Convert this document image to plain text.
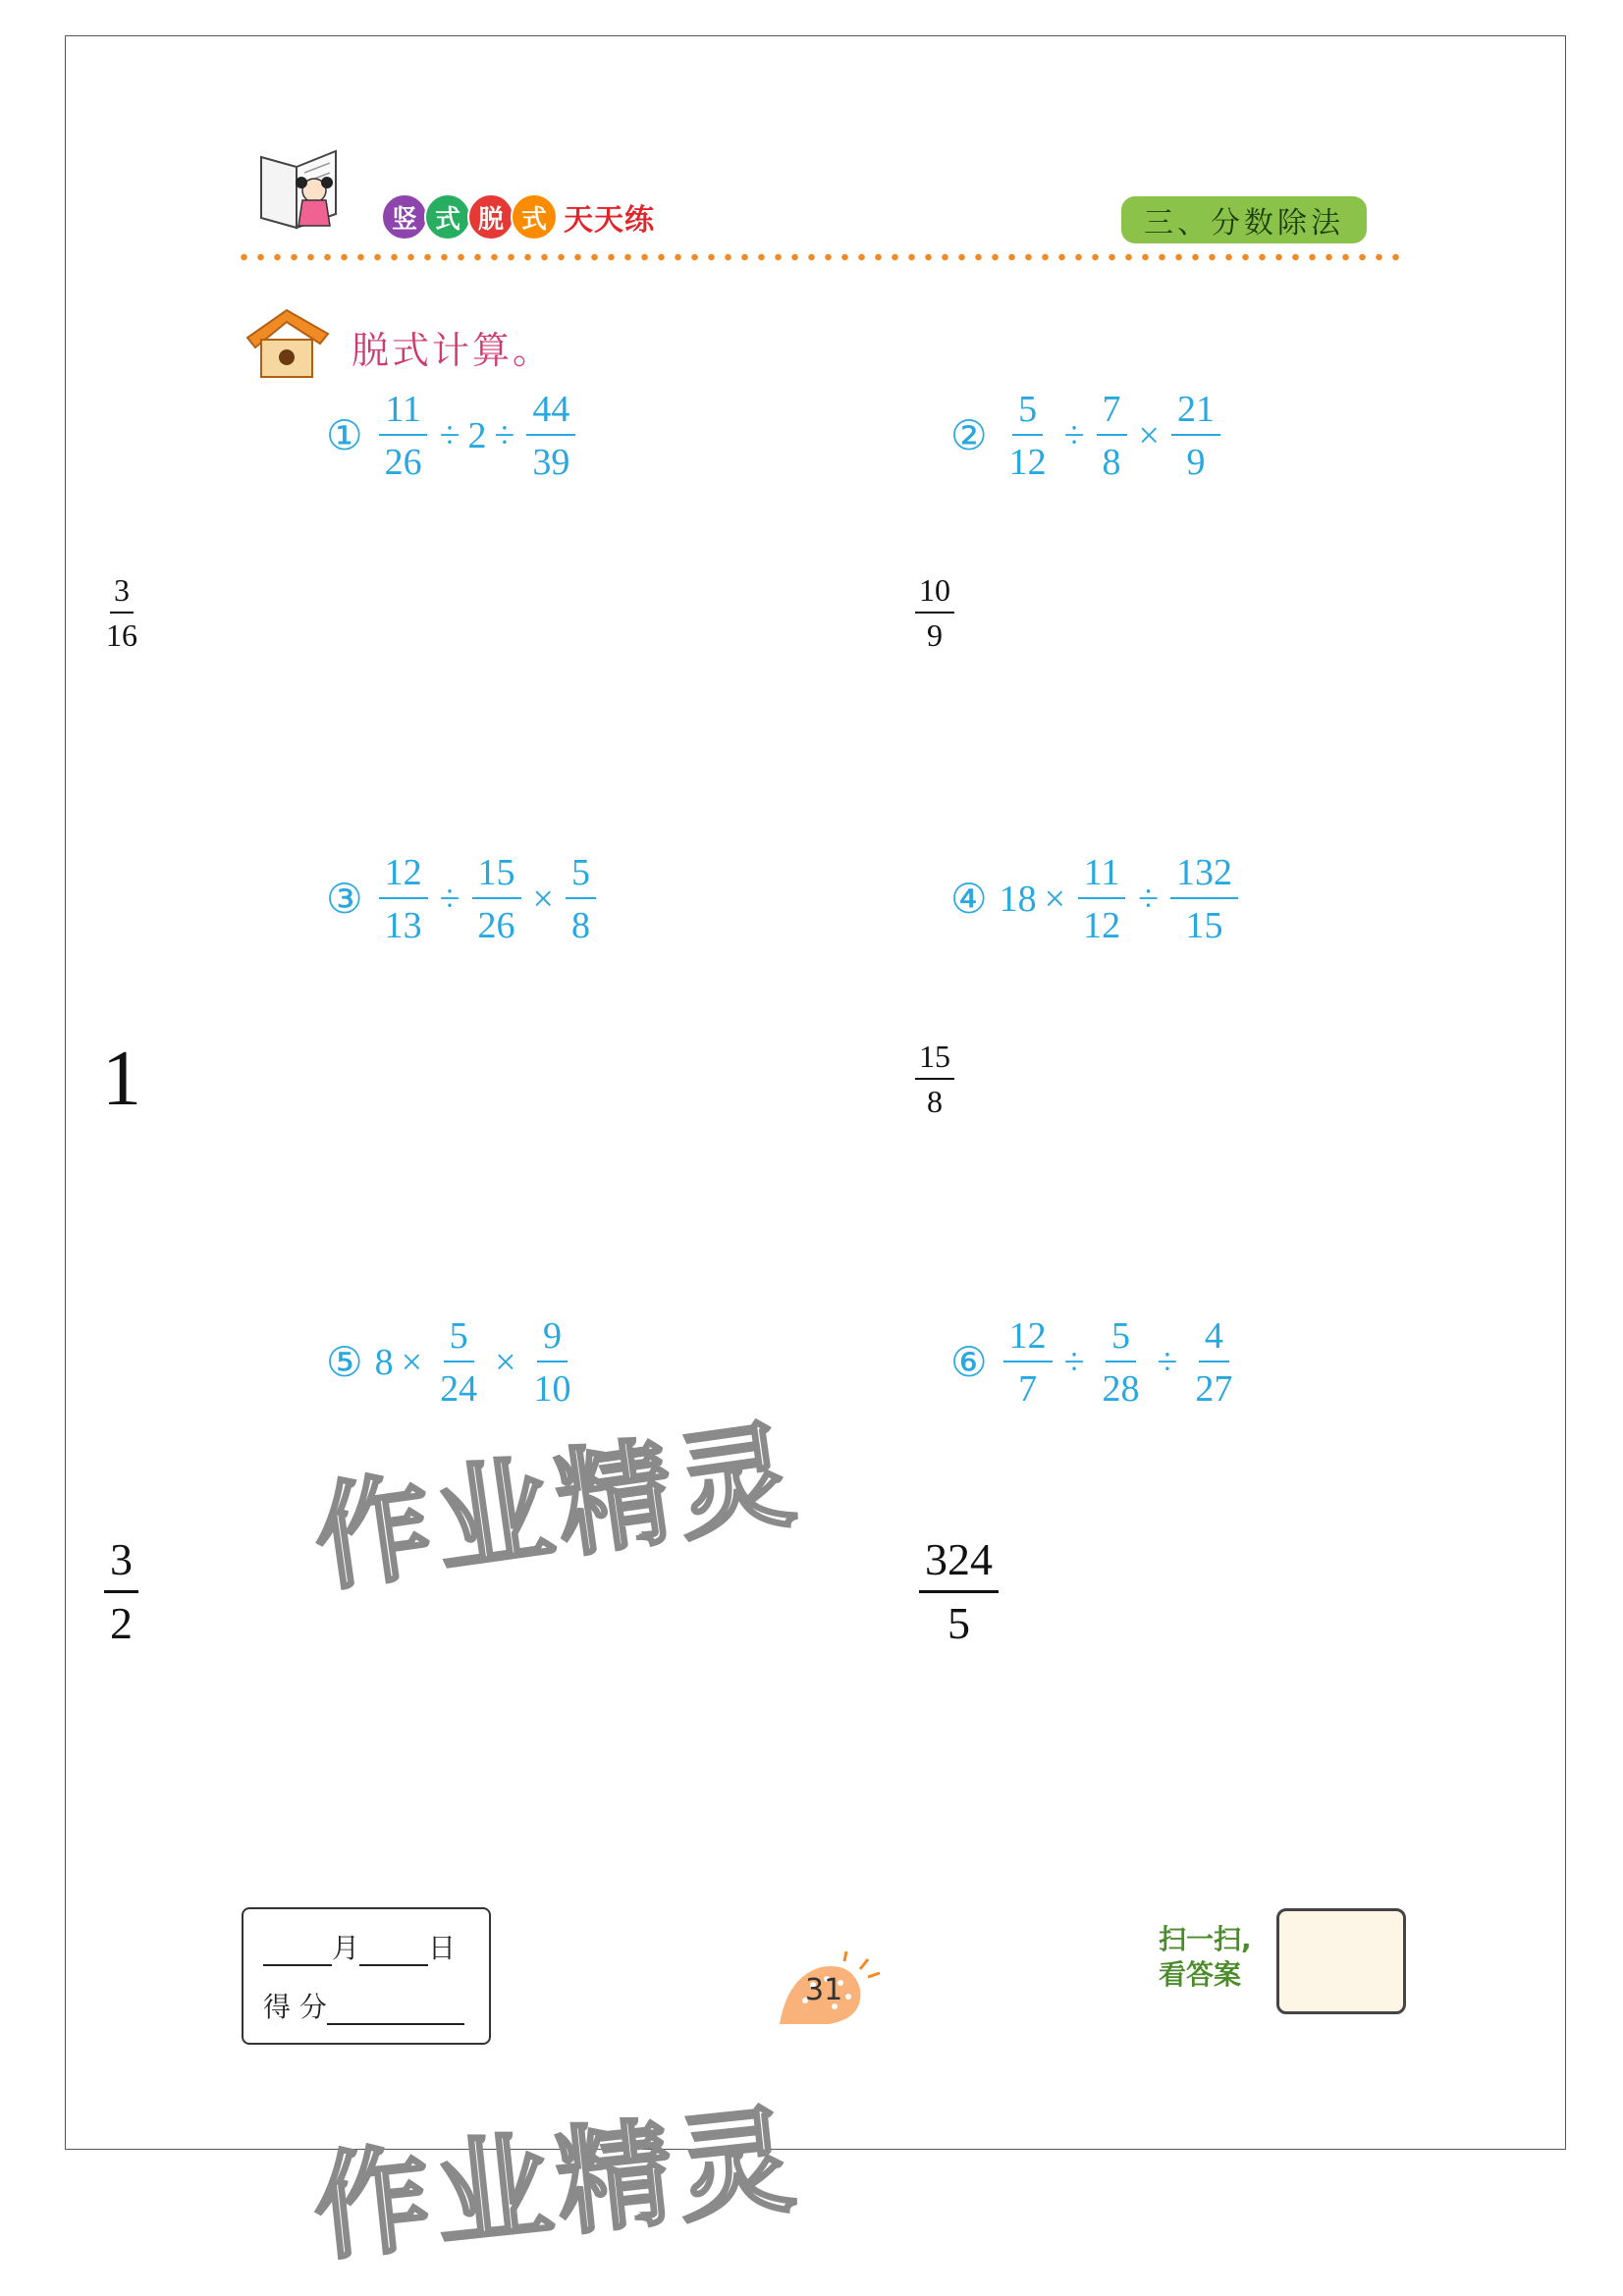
竖 式 脱 式 天天练	三、分数除法
脱式计算。
① $\frac{11}{26} \div 2 \div \frac{44}{39}$	② $\frac{5}{12} \div \frac{7}{8} \times \frac{21}{9}$
③ $\frac{12}{13} \div \frac{15}{26} \times \frac{5}{8}$	④ $18 \times \frac{11}{12} \div \frac{132}{15}$
⑤ $8 \times \frac{5}{24} \times \frac{9}{10}$	⑥ $\frac{12}{7} \div \frac{5}{28} \div \frac{4}{27}$
$\frac{3}{16}$	$\frac{10}{9}$
1	$\frac{15}{8}$
$\frac{3}{2}$	$\frac{324}{5}$
作业精灵
作业精灵
月	日
得 分	31
扫一扫,
看答案
